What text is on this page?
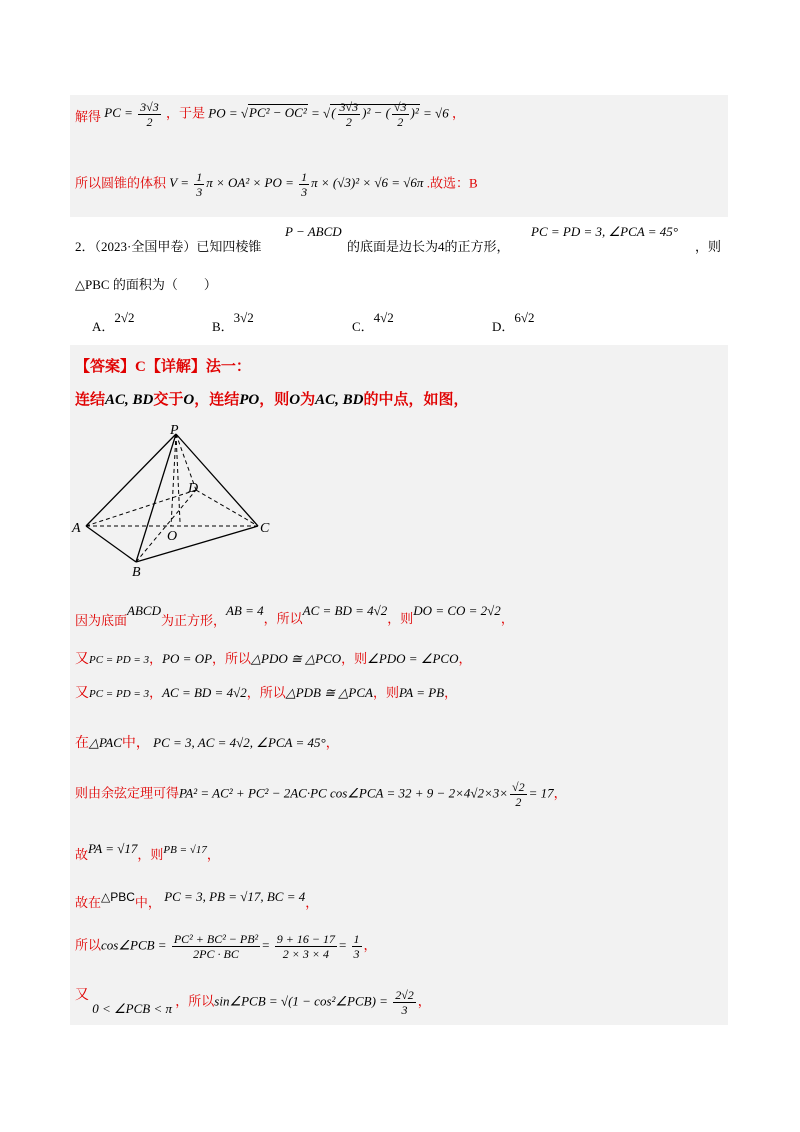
解得 PC = $\frac{3√3}{2}$ ，于是 PO = √PC² − OC² = √( $\frac{3√3}{2} )^2$ − ( $\frac{√3}{2} )^2 = √6$ ，
所以圆锥的体积 $V = \frac{1}{3}$ π × OA² × PO = $\frac{1}{3}$ π × (√3)² × √6 = √6π .故选：B
2．（2023·全国甲卷）已知四棱锥
P − ABCD
的底面是边长为4的正方形，
PC = PD = 3, ∠PCA = 45°
，则
△PBC 的面积为（　　）
A．2√2
B．3√2
C．4√2
D．6√2
【答案】C【详解】法一：
连结AC, BD交于O，连结PO，则O为AC, BD的中点，如图，
P
A
B
C
D
O
因为底面ABCD为正方形，AB = 4，所以AC = BD = 4√2，则DO = CO = 2√2，
又PC = PD = 3，PO = OP，所以△PDO ≅ △PCO，则∠PDO = ∠PCO，
又PC = PD = 3，AC = BD = 4√2，所以△PDB ≅ △PCA，则PA = PB，
在△PAC中， PC = 3, AC = 4√2, ∠PCA = 45°，
则由余弦定理可得PA² = AC² + PC² − 2AC·PC cos∠PCA = $32 + 9 - 2\times 4√2\times 3\times \frac{√2}{2} = 17$，
故PA = √17，则PB = √17，
故在△PBC中， PC = 3, PB = √17, BC = 4，
所以cos∠PCB = $\frac{\text{PC² + BC² − PB²}}{2PC \cdot BC} = \frac{9 + 16 - 17}{2 \times 3 \times 4} = \frac{1}{3}$ ，
又 0 < ∠PCB < π ，所以sin∠PCB = √(1 − cos²∠PCB) = $\frac{2√2}{3}$ ，
